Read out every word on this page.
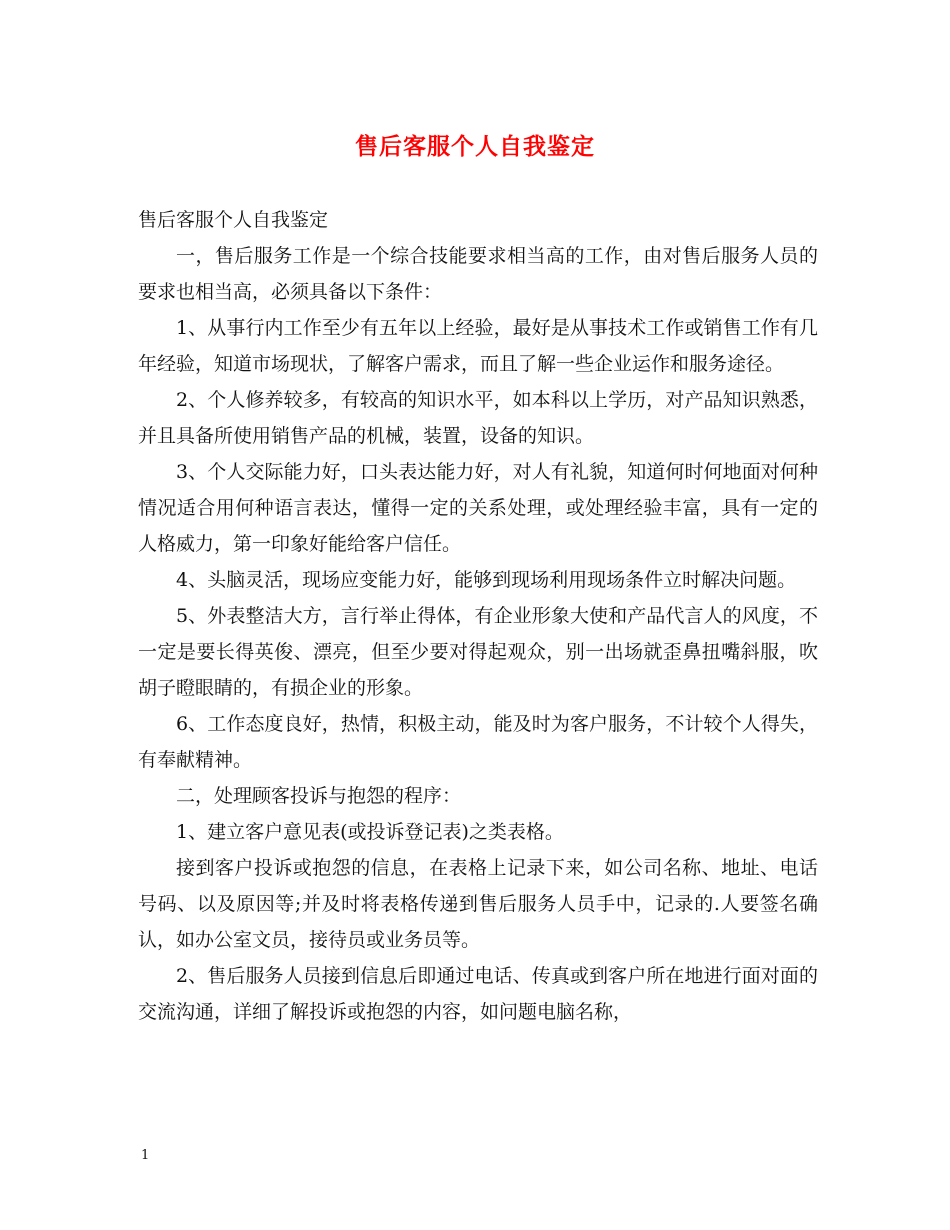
售后客服个人自我鉴定

售后客服个人自我鉴定

一，售后服务工作是一个综合技能要求相当高的工作，由对售后服务人员的要求也相当高，必须具备以下条件：

1、从事行内工作至少有五年以上经验，最好是从事技术工作或销售工作有几年经验，知道市场现状，了解客户需求，而且了解一些企业运作和服务途径。

2、个人修养较多，有较高的知识水平，如本科以上学历，对产品知识熟悉，并且具备所使用销售产品的机械，装置，设备的知识。

3、个人交际能力好，口头表达能力好，对人有礼貌，知道何时何地面对何种情况适合用何种语言表达，懂得一定的关系处理，或处理经验丰富，具有一定的人格威力，第一印象好能给客户信任。

4、头脑灵活，现场应变能力好，能够到现场利用现场条件立时解决问题。

5、外表整洁大方，言行举止得体，有企业形象大使和产品代言人的风度，不一定是要长得英俊、漂亮，但至少要对得起观众，别一出场就歪鼻扭嘴斜服，吹胡子瞪眼睛的，有损企业的形象。

6、工作态度良好，热情，积极主动，能及时为客户服务，不计较个人得失，有奉献精神。

二，处理顾客投诉与抱怨的程序：

1、建立客户意见表(或投诉登记表)之类表格。

接到客户投诉或抱怨的信息，在表格上记录下来，如公司名称、地址、电话号码、以及原因等;并及时将表格传递到售后服务人员手中，记录的.人要签名确认，如办公室文员，接待员或业务员等。

2、售后服务人员接到信息后即通过电话、传真或到客户所在地进行面对面的交流沟通，详细了解投诉或抱怨的内容，如问题电脑名称，

1
